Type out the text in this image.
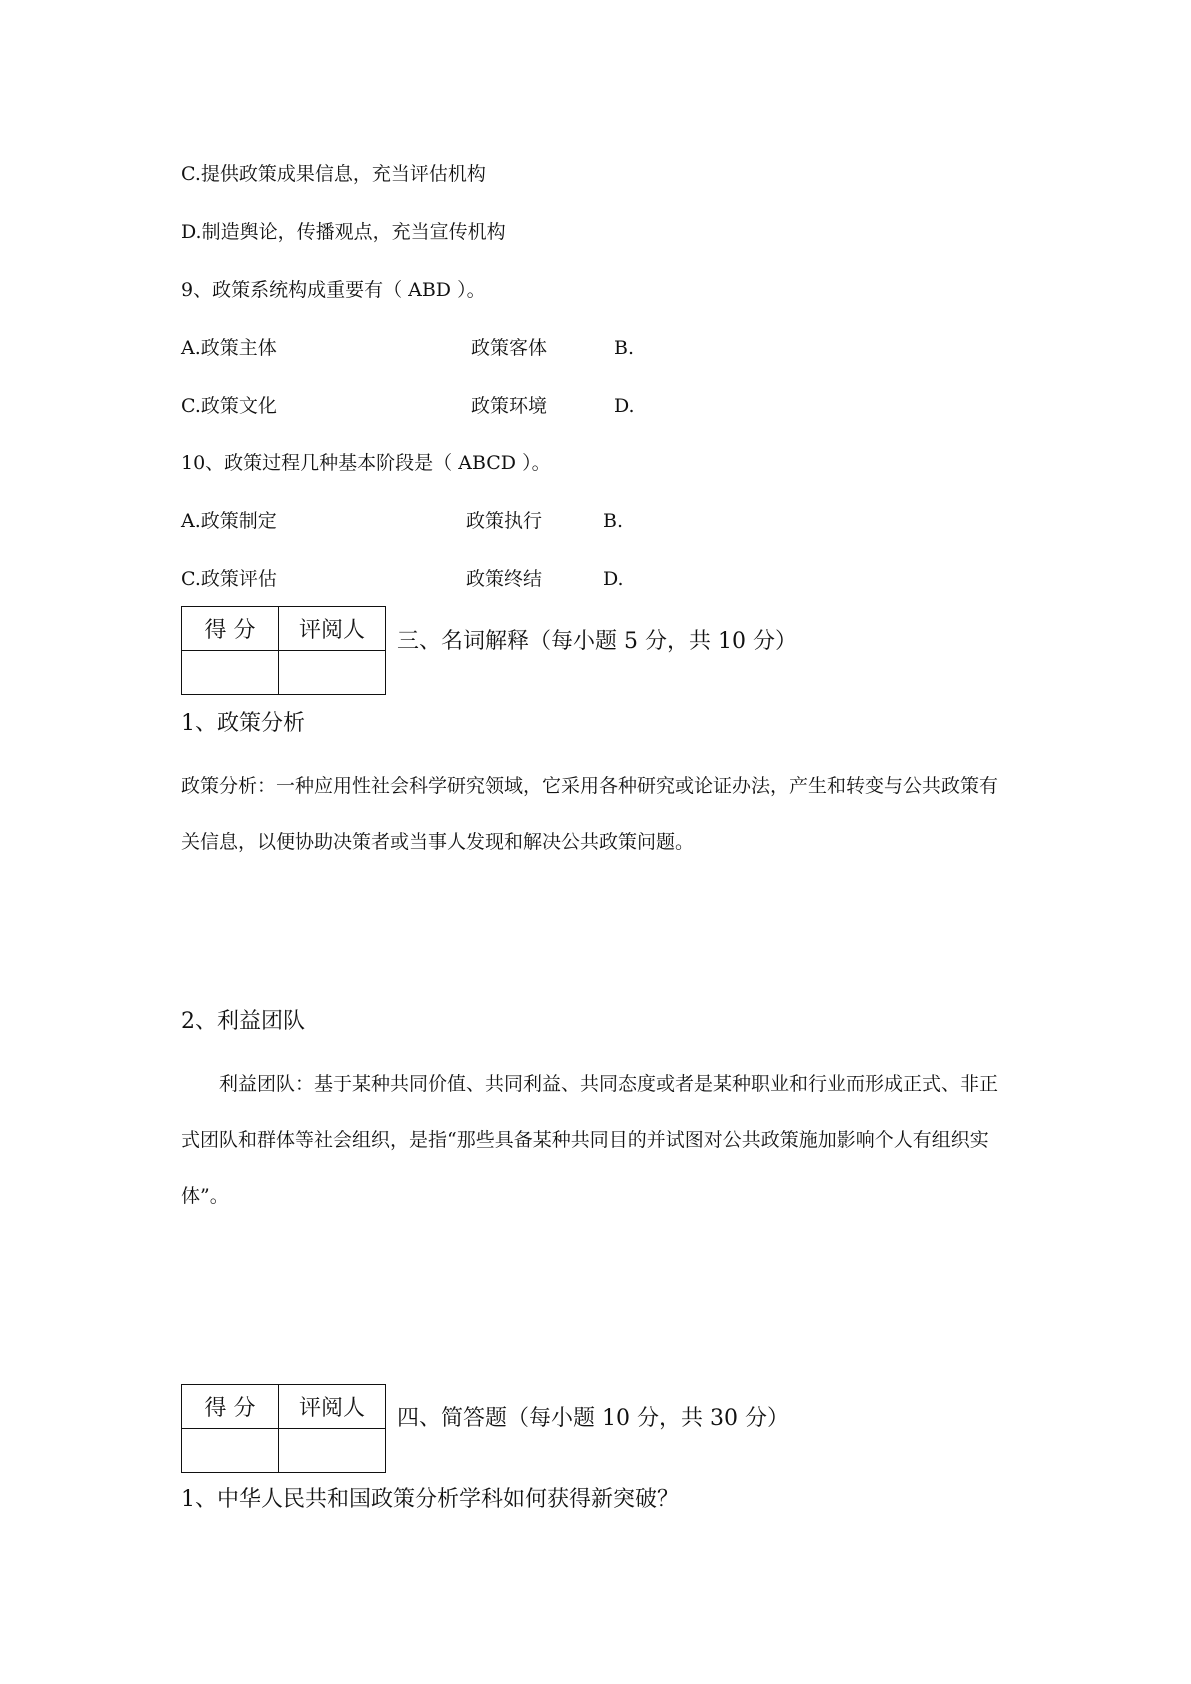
C.提供政策成果信息，充当评估机构
D.制造舆论，传播观点，充当宣传机构
9、政策系统构成重要有（ ABD ）。
A.政策主体	政策客体	B.
C.政策文化	政策环境	D.
10、政策过程几种基本阶段是（ ABCD ）。
A.政策制定	政策执行	B.
C.政策评估	政策终结	D.
得 分	评阅人
	三、名词解释（每小题 5 分，共 10 分）
1、政策分析
政策分析：一种应用性社会科学研究领域，它采用各种研究或论证办法，产生和转变与公共政策有关信息，以便协助决策者或当事人发现和解决公共政策问题。
2、利益团队
利益团队：基于某种共同价值、共同利益、共同态度或者是某种职业和行业而形成正式、非正式团队和群体等社会组织，是指“那些具备某种共同目的并试图对公共政策施加影响个人有组织实体”。
得 分	评阅人
	四、简答题（每小题 10 分，共 30 分）
1、中华人民共和国政策分析学科如何获得新突破？
